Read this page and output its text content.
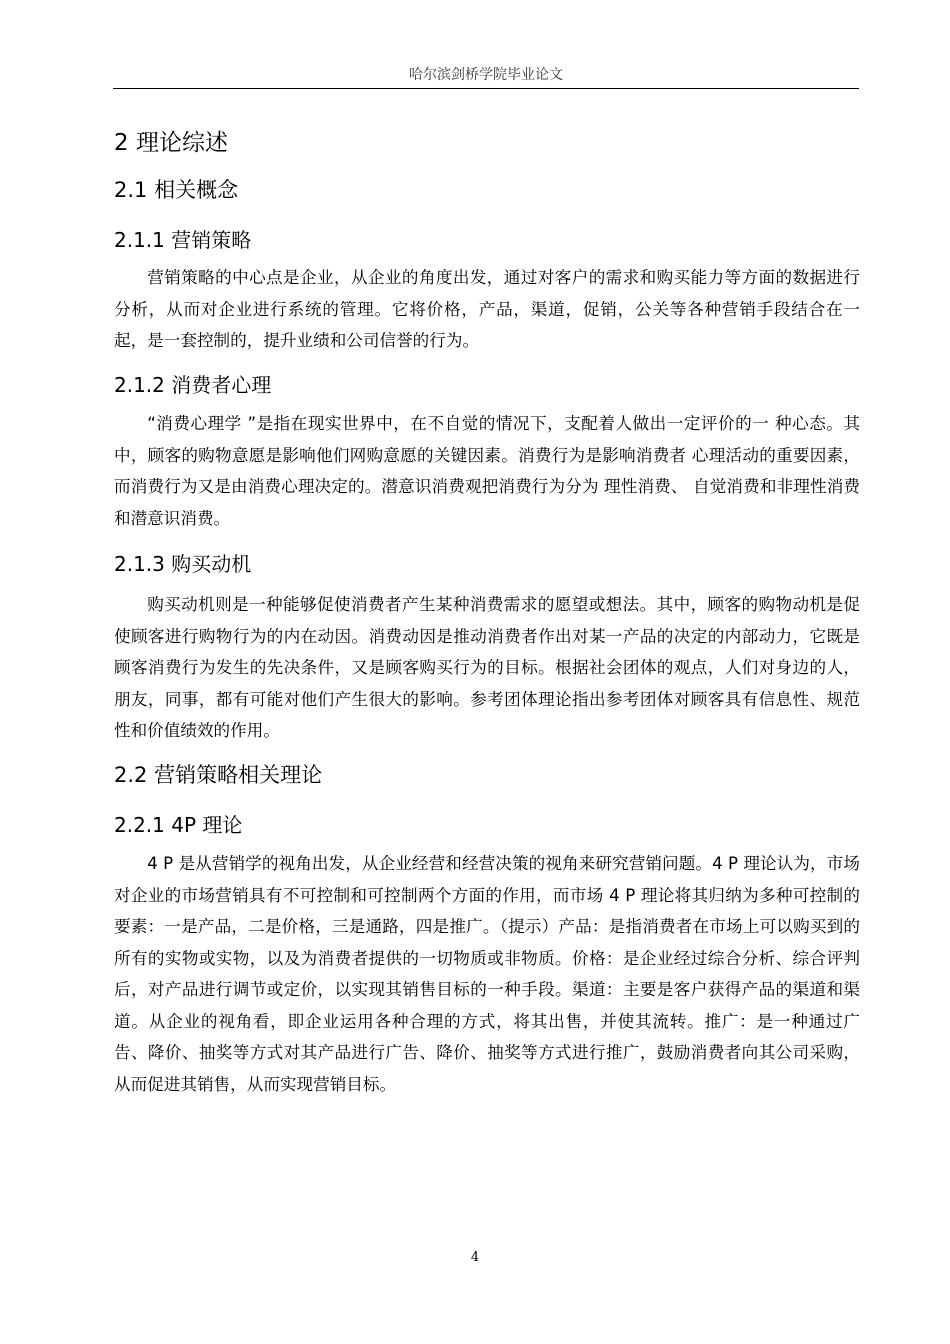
哈尔滨剑桥学院毕业论文
2 理论综述
2.1 相关概念
2.1.1 营销策略

营销策略的中心点是企业，从企业的角度出发，通过对客户的需求和购买能力等方面的数据进行分析，从而对企业进行系统的管理。它将价格，产品，渠道，促销，公关等各种营销手段结合在一起，是一套控制的，提升业绩和公司信誉的行为。

2.1.2 消费者心理

“消费心理学 ”是指在现实世界中，在不自觉的情况下，支配着人做出一定评价的一 种心态。其中，顾客的购物意愿是影响他们网购意愿的关键因素。消费行为是影响消费者 心理活动的重要因素，而消费行为又是由消费心理决定的。潜意识消费观把消费行为分为 理性消费、 自觉消费和非理性消费和潜意识消费。

2.1.3 购买动机

购买动机则是一种能够促使消费者产生某种消费需求的愿望或想法。其中，顾客的购物动机是促使顾客进行购物行为的内在动因。消费动因是推动消费者作出对某一产品的决定的内部动力，它既是顾客消费行为发生的先决条件，又是顾客购买行为的目标。根据社会团体的观点，人们对身边的人，朋友，同事，都有可能对他们产生很大的影响。参考团体理论指出参考团体对顾客具有信息性、规范性和价值绩效的作用。

2.2 营销策略相关理论
2.2.1 4P 理论

4 P 是从营销学的视角出发，从企业经营和经营决策的视角来研究营销问题。4 P 理论认为，市场对企业的市场营销具有不可控制和可控制两个方面的作用，而市场 4 P 理论将其归纳为多种可控制的要素：一是产品，二是价格，三是通路，四是推广。（提示）产品：是指消费者在市场上可以购买到的所有的实物或实物，以及为消费者提供的一切物质或非物质。价格：是企业经过综合分析、综合评判后，对产品进行调节或定价，以实现其销售目标的一种手段。渠道：主要是客户获得产品的渠道和渠道。从企业的视角看，即企业运用各种合理的方式，将其出售，并使其流转。推广：是一种通过广告、降价、抽奖等方式对其产品进行广告、降价、抽奖等方式进行推广，鼓励消费者向其公司采购，从而促进其销售，从而实现营销目标。

4
